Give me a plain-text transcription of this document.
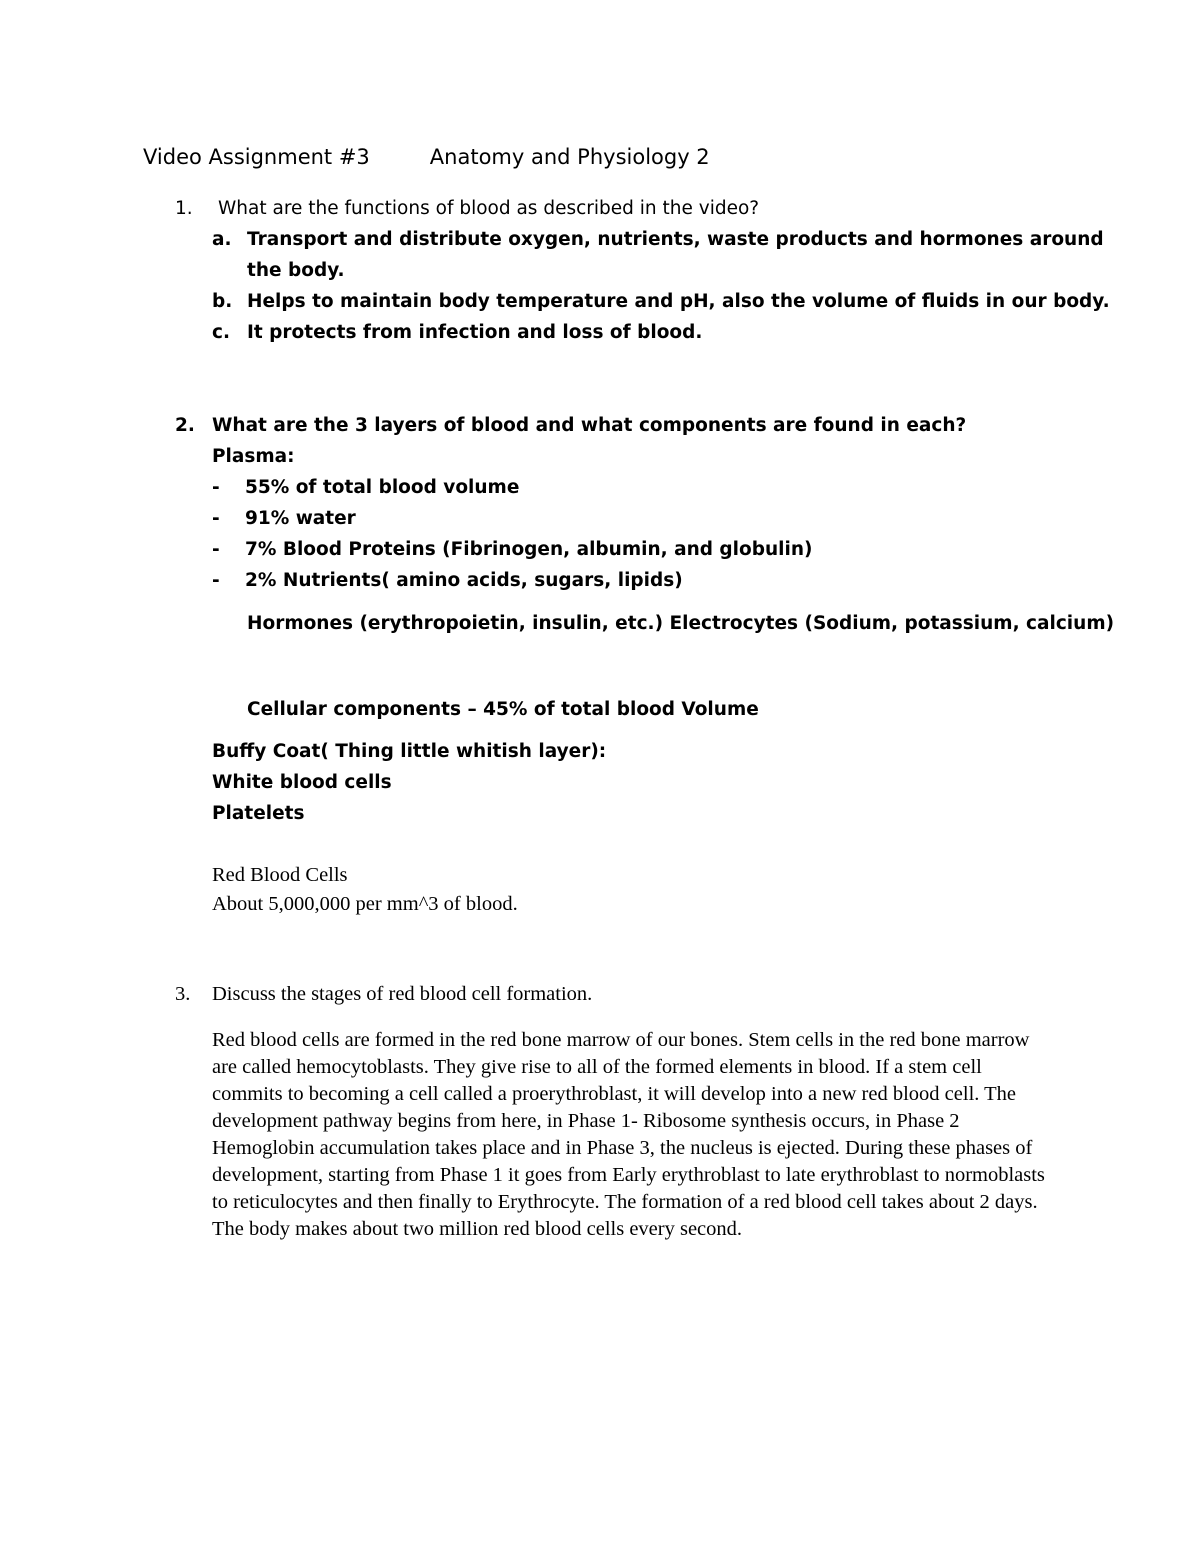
Video Assignment #3	Anatomy and Physiology 2
1. What are the functions of blood as described in the video?
a. Transport and distribute oxygen, nutrients, waste products and hormones around
the body.
b. Helps to maintain body temperature and pH, also the volume of fluids in our body.
c. It protects from infection and loss of blood.
2. What are the 3 layers of blood and what components are found in each?
Plasma:
- 55% of total blood volume
- 91% water
- 7% Blood Proteins (Fibrinogen, albumin, and globulin)
- 2% Nutrients( amino acids, sugars, lipids)
Hormones (erythropoietin, insulin, etc.) Electrocytes (Sodium, potassium, calcium)
Cellular components – 45% of total blood Volume
Buffy Coat( Thing little whitish layer):
White blood cells
Platelets
Red Blood Cells
About 5,000,000 per mm^3 of blood.
3. Discuss the stages of red blood cell formation.
Red blood cells are formed in the red bone marrow of our bones. Stem cells in the red bone marrow are called hemocytoblasts. They give rise to all of the formed elements in blood. If a stem cell commits to becoming a cell called a proerythroblast, it will develop into a new red blood cell. The development pathway begins from here, in Phase 1- Ribosome synthesis occurs, in Phase 2 Hemoglobin accumulation takes place and in Phase 3, the nucleus is ejected. During these phases of development, starting from Phase 1 it goes from Early erythroblast to late erythroblast to normoblasts to reticulocytes and then finally to Erythrocyte. The formation of a red blood cell takes about 2 days. The body makes about two million red blood cells every second.
